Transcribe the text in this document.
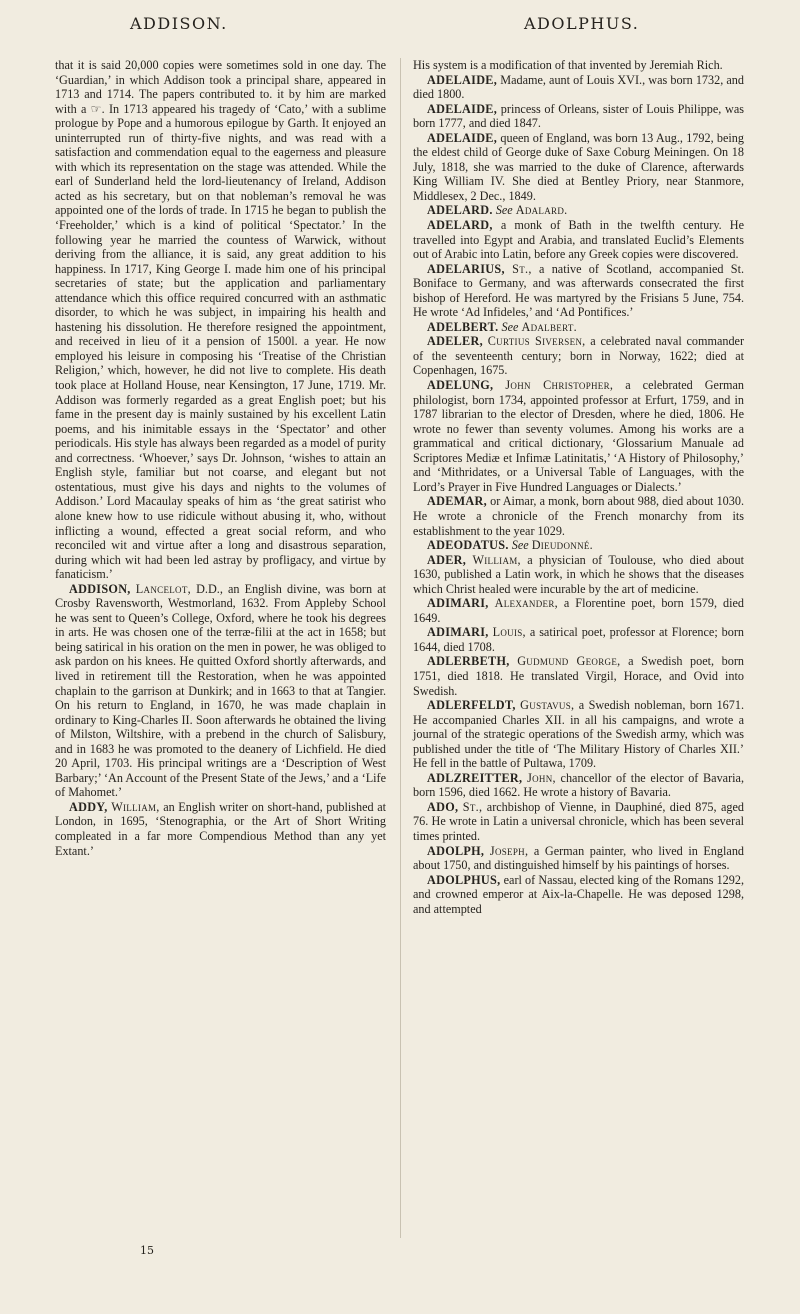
ADDISON.	ADOLPHUS.

that it is said 20,000 copies were sometimes sold in one day. The ‘Guardian,’ in which Addison took a principal share, appeared in 1713 and 1714. The papers contributed to. it by him are marked with a ☞. In 1713 appeared his tragedy of ‘Cato,’ with a sublime prologue by Pope and a humorous epilogue by Garth. It enjoyed an uninterrupted run of thirty-five nights, and was read with a satisfaction and commendation equal to the eagerness and pleasure with which its representation on the stage was attended. While the earl of Sunderland held the lord-lieutenancy of Ireland, Addison acted as his secretary, but on that nobleman’s removal he was appointed one of the lords of trade. In 1715 he began to publish the ‘Freeholder,’ which is a kind of political ‘Spectator.’ In the following year he married the countess of Warwick, without deriving from the alliance, it is said, any great addition to his happiness. In 1717, King George I. made him one of his principal secretaries of state; but the application and parliamentary attendance which this office required concurred with an asthmatic disorder, to which he was subject, in impairing his health and hastening his dissolution. He therefore resigned the appointment, and received in lieu of it a pension of 1500l. a year. He now employed his leisure in composing his ‘Treatise of the Christian Religion,’ which, however, he did not live to complete. His death took place at Holland House, near Kensington, 17 June, 1719. Mr. Addison was formerly regarded as a great English poet; but his fame in the present day is mainly sustained by his excellent Latin poems, and his inimitable essays in the ‘Spectator’ and other periodicals. His style has always been regarded as a model of purity and correctness. ‘Whoever,’ says Dr. Johnson, ‘wishes to attain an English style, familiar but not coarse, and elegant but not ostentatious, must give his days and nights to the volumes of Addison.’ Lord Macaulay speaks of him as ‘the great satirist who alone knew how to use ridicule without abusing it, who, without inflicting a wound, effected a great social reform, and who reconciled wit and virtue after a long and disastrous separation, during which wit had been led astray by profligacy, and virtue by fanaticism.’

ADDISON, Lancelot, D.D., an English divine, was born at Crosby Ravensworth, Westmorland, 1632. From Appleby School he was sent to Queen’s College, Oxford, where he took his degrees in arts. He was chosen one of the terræ-filii at the act in 1658; but being satirical in his oration on the men in power, he was obliged to ask pardon on his knees. He quitted Oxford shortly afterwards, and lived in retirement till the Restoration, when he was appointed chaplain to the garrison at Dunkirk; and in 1663 to that at Tangier. On his return to England, in 1670, he was made chaplain in ordinary to King-Charles II. Soon afterwards he obtained the living of Milston, Wiltshire, with a prebend in the church of Salisbury, and in 1683 he was promoted to the deanery of Lichfield. He died 20 April, 1703. His principal writings are a ‘Description of West Barbary;’ ‘An Account of the Present State of the Jews,’ and a ‘Life of Mahomet.’

ADDY, William, an English writer on short-hand, published at London, in 1695, ‘Stenographia, or the Art of Short Writing compleated in a far more Compendious Method than any yet Extant.’

His system is a modification of that invented by Jeremiah Rich.

ADELAIDE, Madame, aunt of Louis XVI., was born 1732, and died 1800.

ADELAIDE, princess of Orleans, sister of Louis Philippe, was born 1777, and died 1847.

ADELAIDE, queen of England, was born 13 Aug., 1792, being the eldest child of George duke of Saxe Coburg Meiningen. On 18 July, 1818, she was married to the duke of Clarence, afterwards King William IV. She died at Bentley Priory, near Stanmore, Middlesex, 2 Dec., 1849.

ADELARD. See Adalard.

ADELARD, a monk of Bath in the twelfth century. He travelled into Egypt and Arabia, and translated Euclid’s Elements out of Arabic into Latin, before any Greek copies were discovered.

ADELARIUS, St., a native of Scotland, accompanied St. Boniface to Germany, and was afterwards consecrated the first bishop of Hereford. He was martyred by the Frisians 5 June, 754. He wrote ‘Ad Infideles,’ and ‘Ad Pontifices.’

ADELBERT. See Adalbert.

ADELER, Curtius Siversen, a celebrated naval commander of the seventeenth century; born in Norway, 1622; died at Copenhagen, 1675.

ADELUNG, John Christopher, a celebrated German philologist, born 1734, appointed professor at Erfurt, 1759, and in 1787 librarian to the elector of Dresden, where he died, 1806. He wrote no fewer than seventy volumes. Among his works are a grammatical and critical dictionary, ‘Glossarium Manuale ad Scriptores Mediæ et Infimæ Latinitatis,’ ‘A History of Philosophy,’ and ‘Mithridates, or a Universal Table of Languages, with the Lord’s Prayer in Five Hundred Languages or Dialects.’

ADEMAR, or Aimar, a monk, born about 988, died about 1030. He wrote a chronicle of the French monarchy from its establishment to the year 1029.

ADEODATUS. See Dieudonné.

ADER, William, a physician of Toulouse, who died about 1630, published a Latin work, in which he shows that the diseases which Christ healed were incurable by the art of medicine.

ADIMARI, Alexander, a Florentine poet, born 1579, died 1649.

ADIMARI, Louis, a satirical poet, professor at Florence; born 1644, died 1708.

ADLERBETH, Gudmund George, a Swedish poet, born 1751, died 1818. He translated Virgil, Horace, and Ovid into Swedish.

ADLERFELDT, Gustavus, a Swedish nobleman, born 1671. He accompanied Charles XII. in all his campaigns, and wrote a journal of the strategic operations of the Swedish army, which was published under the title of ‘The Military History of Charles XII.’ He fell in the battle of Pultawa, 1709.

ADLZREITTER, John, chancellor of the elector of Bavaria, born 1596, died 1662. He wrote a history of Bavaria.

ADO, St., archbishop of Vienne, in Dauphiné, died 875, aged 76. He wrote in Latin a universal chronicle, which has been several times printed.

ADOLPH, Joseph, a German painter, who lived in England about 1750, and distinguished himself by his paintings of horses.

ADOLPHUS, earl of Nassau, elected king of the Romans 1292, and crowned emperor at Aix-la-Chapelle. He was deposed 1298, and attempted

15
